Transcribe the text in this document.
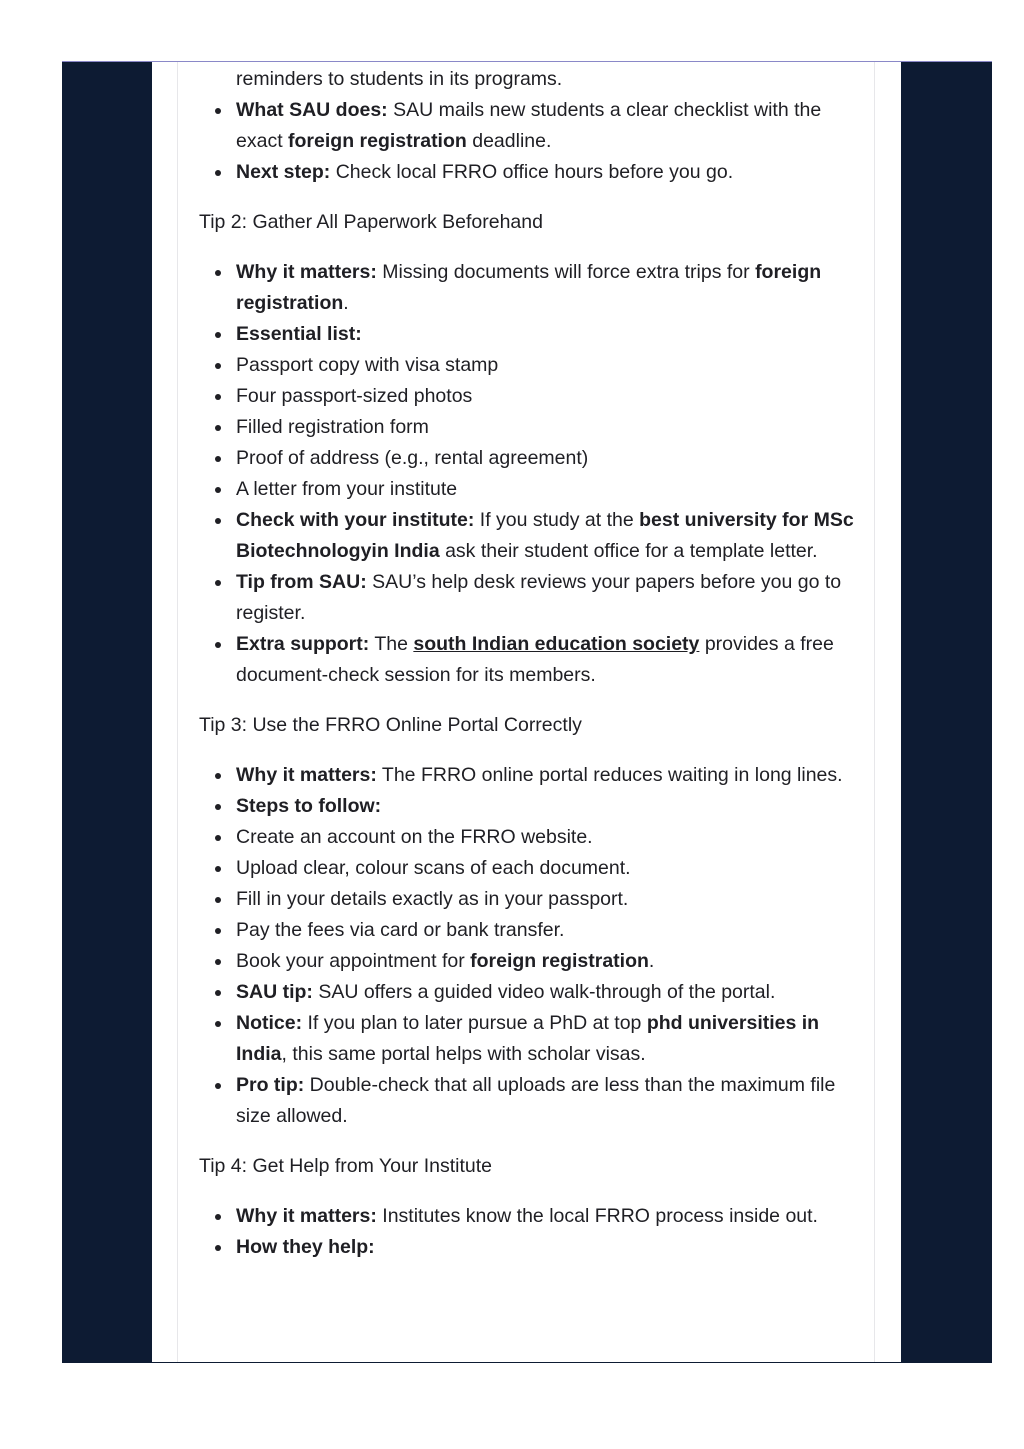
reminders to students in its programs.
What SAU does: SAU mails new students a clear checklist with the exact foreign registration deadline.
Next step: Check local FRRO office hours before you go.
Tip 2: Gather All Paperwork Beforehand
Why it matters: Missing documents will force extra trips for foreign registration.
Essential list:
Passport copy with visa stamp
Four passport-sized photos
Filled registration form
Proof of address (e.g., rental agreement)
A letter from your institute
Check with your institute: If you study at the best university for MSc Biotechnologyin India ask their student office for a template letter.
Tip from SAU: SAU’s help desk reviews your papers before you go to register.
Extra support: The south Indian education society provides a free document-check session for its members.
Tip 3: Use the FRRO Online Portal Correctly
Why it matters: The FRRO online portal reduces waiting in long lines.
Steps to follow:
Create an account on the FRRO website.
Upload clear, colour scans of each document.
Fill in your details exactly as in your passport.
Pay the fees via card or bank transfer.
Book your appointment for foreign registration.
SAU tip: SAU offers a guided video walk-through of the portal.
Notice: If you plan to later pursue a PhD at top phd universities in India, this same portal helps with scholar visas.
Pro tip: Double-check that all uploads are less than the maximum file size allowed.
Tip 4: Get Help from Your Institute
Why it matters: Institutes know the local FRRO process inside out.
How they help:
